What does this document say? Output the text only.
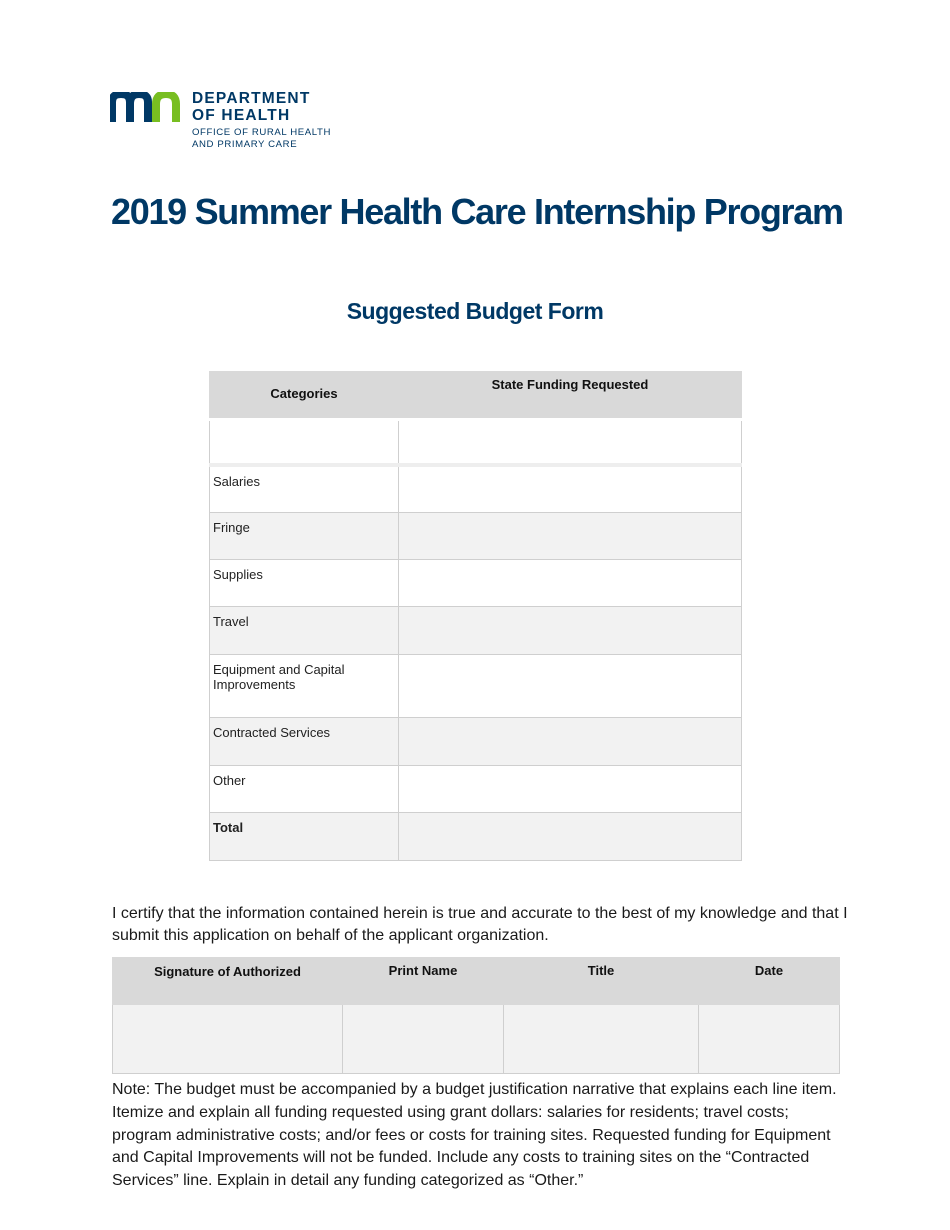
DEPARTMENT
OF HEALTH
OFFICE OF RURAL HEALTH
AND PRIMARY CARE
2019 Summer Health Care Internship Program
Suggested Budget Form
Categories	State Funding Requested

Salaries	
Fringe	
Supplies	
Travel	
Equipment and Capital Improvements	
Contracted Services	
Other	
Total	

I certify that the information contained herein is true and accurate to the best of my knowledge and that I submit this application on behalf of the applicant organization.

Signature of Authorized	Print Name	Title	Date

Note: The budget must be accompanied by a budget justification narrative that explains each line item. Itemize and explain all funding requested using grant dollars: salaries for residents; travel costs; program administrative costs; and/or fees or costs for training sites. Requested funding for Equipment and Capital Improvements will not be funded. Include any costs to training sites on the “Contracted Services” line. Explain in detail any funding categorized as “Other.”
